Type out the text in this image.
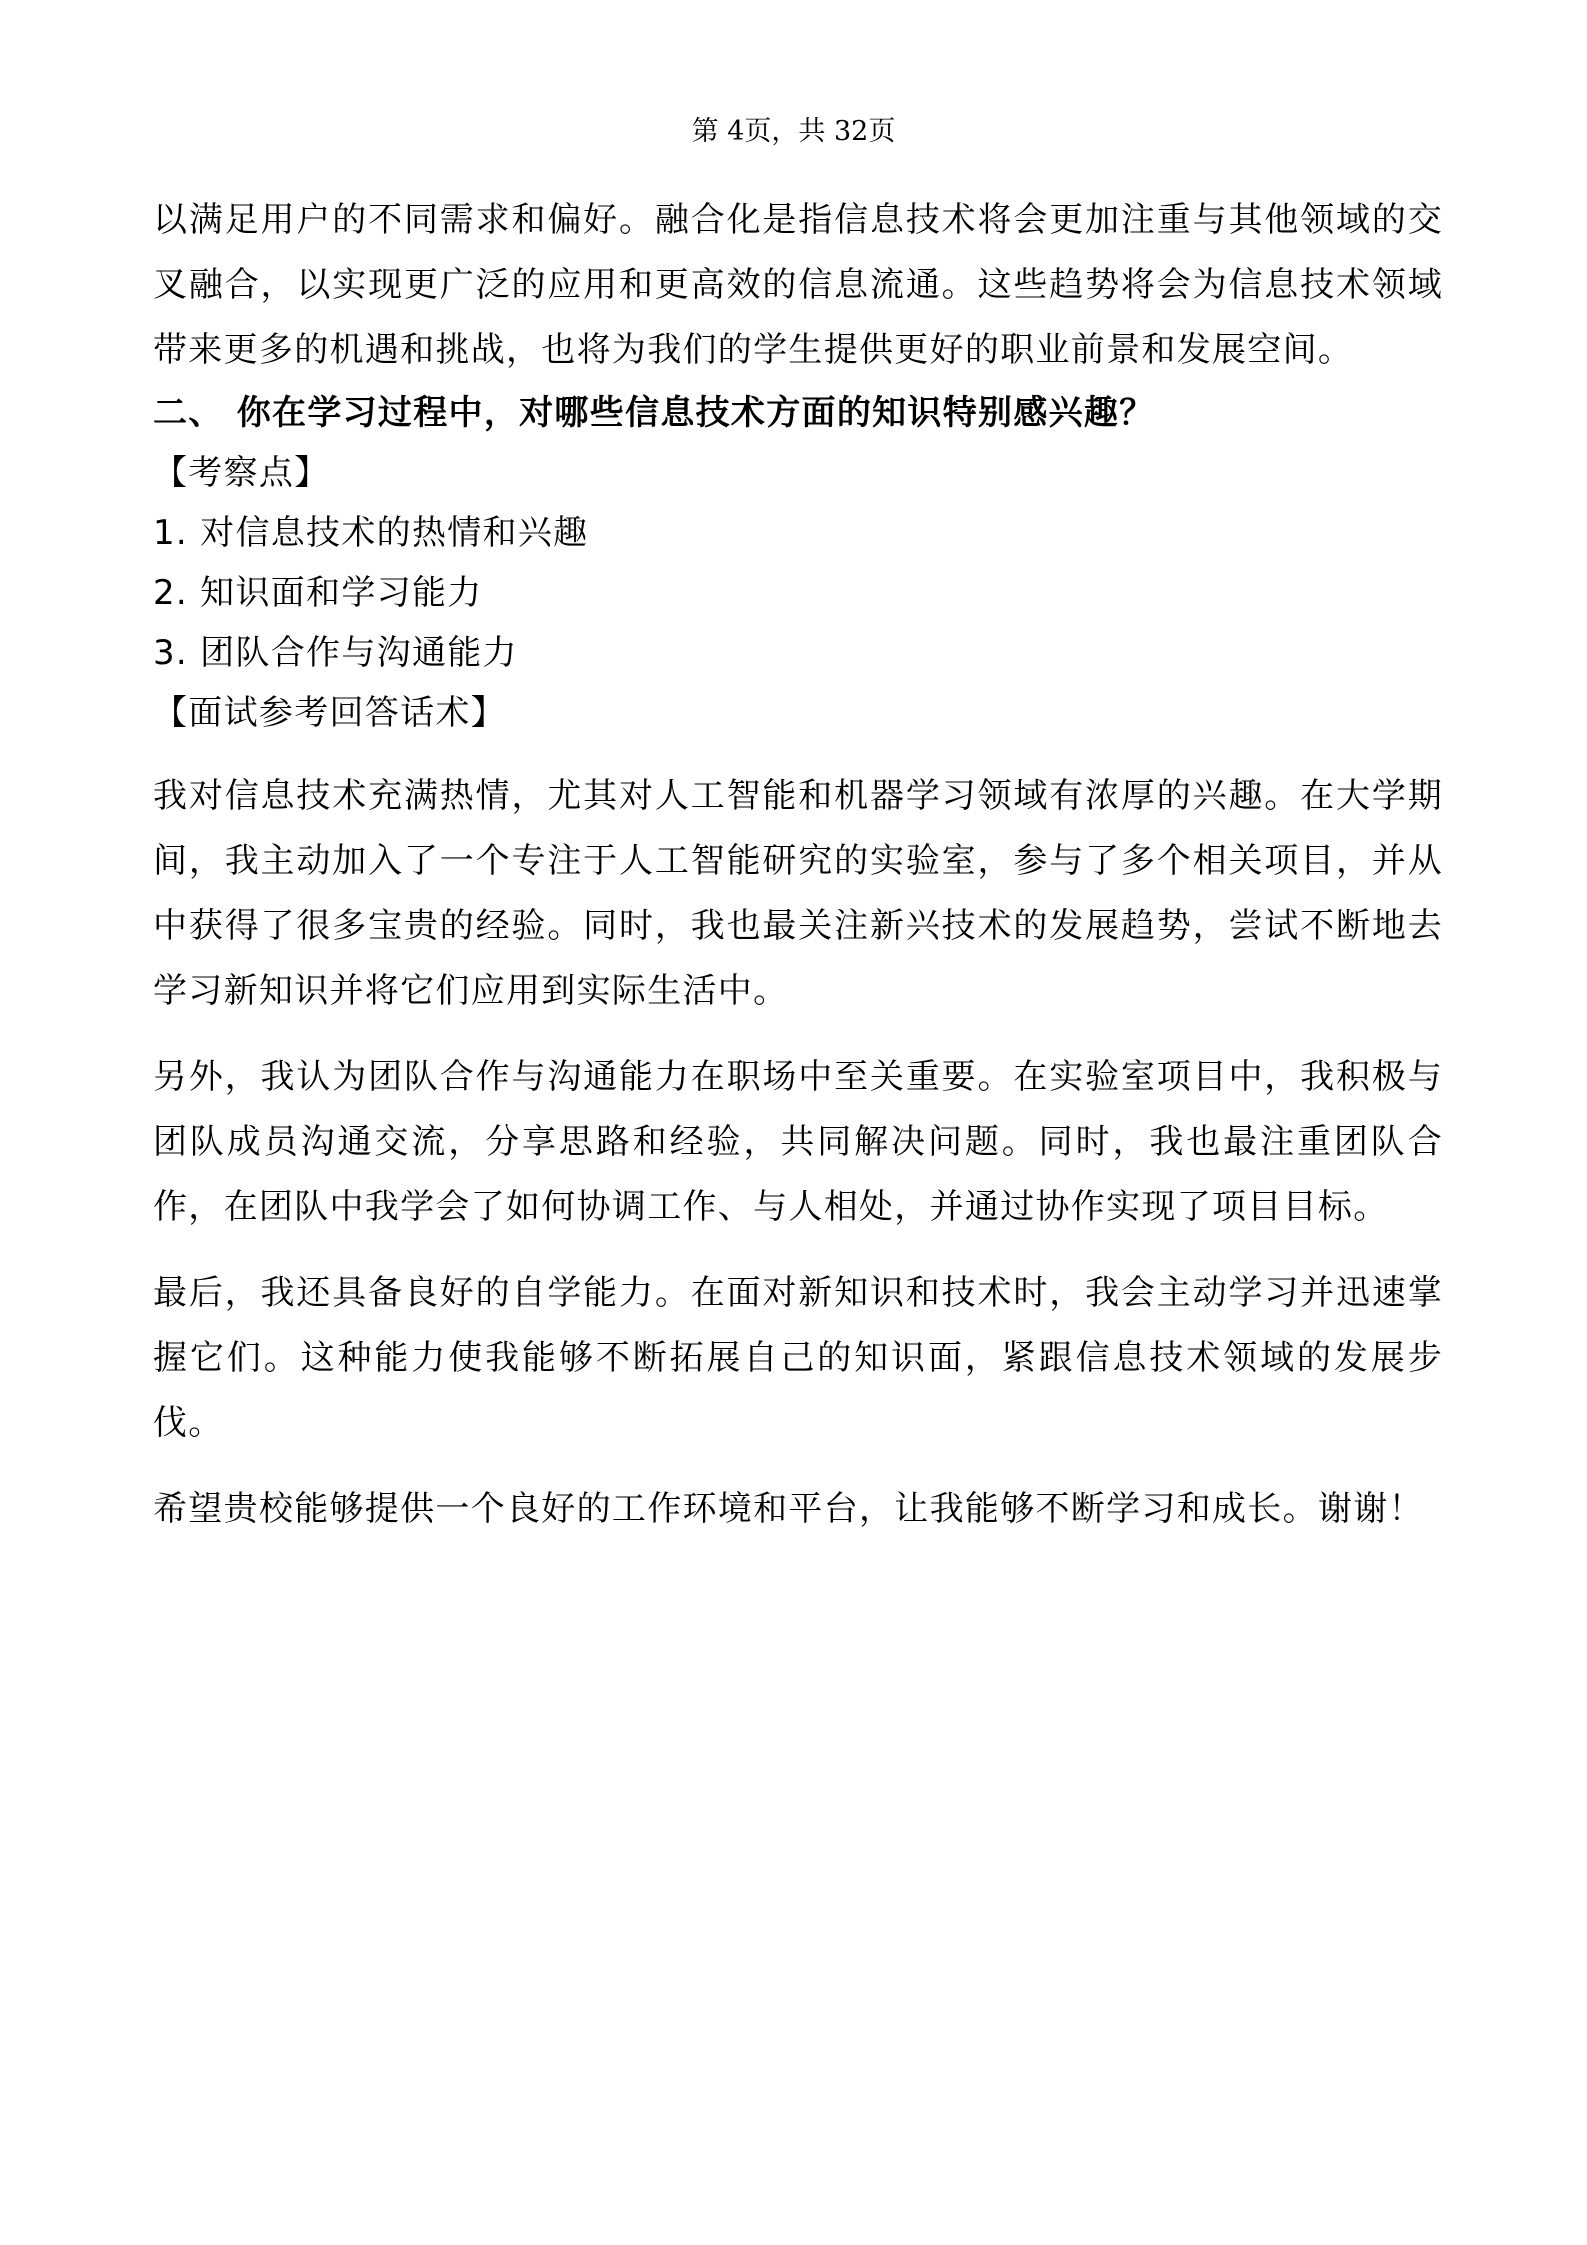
第 4页，共 32页

以满足用户的不同需求和偏好。融合化是指信息技术将会更加注重与其他领域的交叉融合，以实现更广泛的应用和更高效的信息流通。这些趋势将会为信息技术领域带来更多的机遇和挑战，也将为我们的学生提供更好的职业前景和发展空间。

二、 你在学习过程中，对哪些信息技术方面的知识特别感兴趣？

【考察点】

1. 对信息技术的热情和兴趣

2. 知识面和学习能力

3. 团队合作与沟通能力

【面试参考回答话术】

我对信息技术充满热情，尤其对人工智能和机器学习领域有浓厚的兴趣。在大学期间，我主动加入了一个专注于人工智能研究的实验室，参与了多个相关项目，并从中获得了很多宝贵的经验。同时，我也最关注新兴技术的发展趋势，尝试不断地去学习新知识并将它们应用到实际生活中。

另外，我认为团队合作与沟通能力在职场中至关重要。在实验室项目中，我积极与团队成员沟通交流，分享思路和经验，共同解决问题。同时，我也最注重团队合作，在团队中我学会了如何协调工作、与人相处，并通过协作实现了项目目标。

最后，我还具备良好的自学能力。在面对新知识和技术时，我会主动学习并迅速掌握它们。这种能力使我能够不断拓展自己的知识面，紧跟信息技术领域的发展步伐。

希望贵校能够提供一个良好的工作环境和平台，让我能够不断学习和成长。谢谢！
